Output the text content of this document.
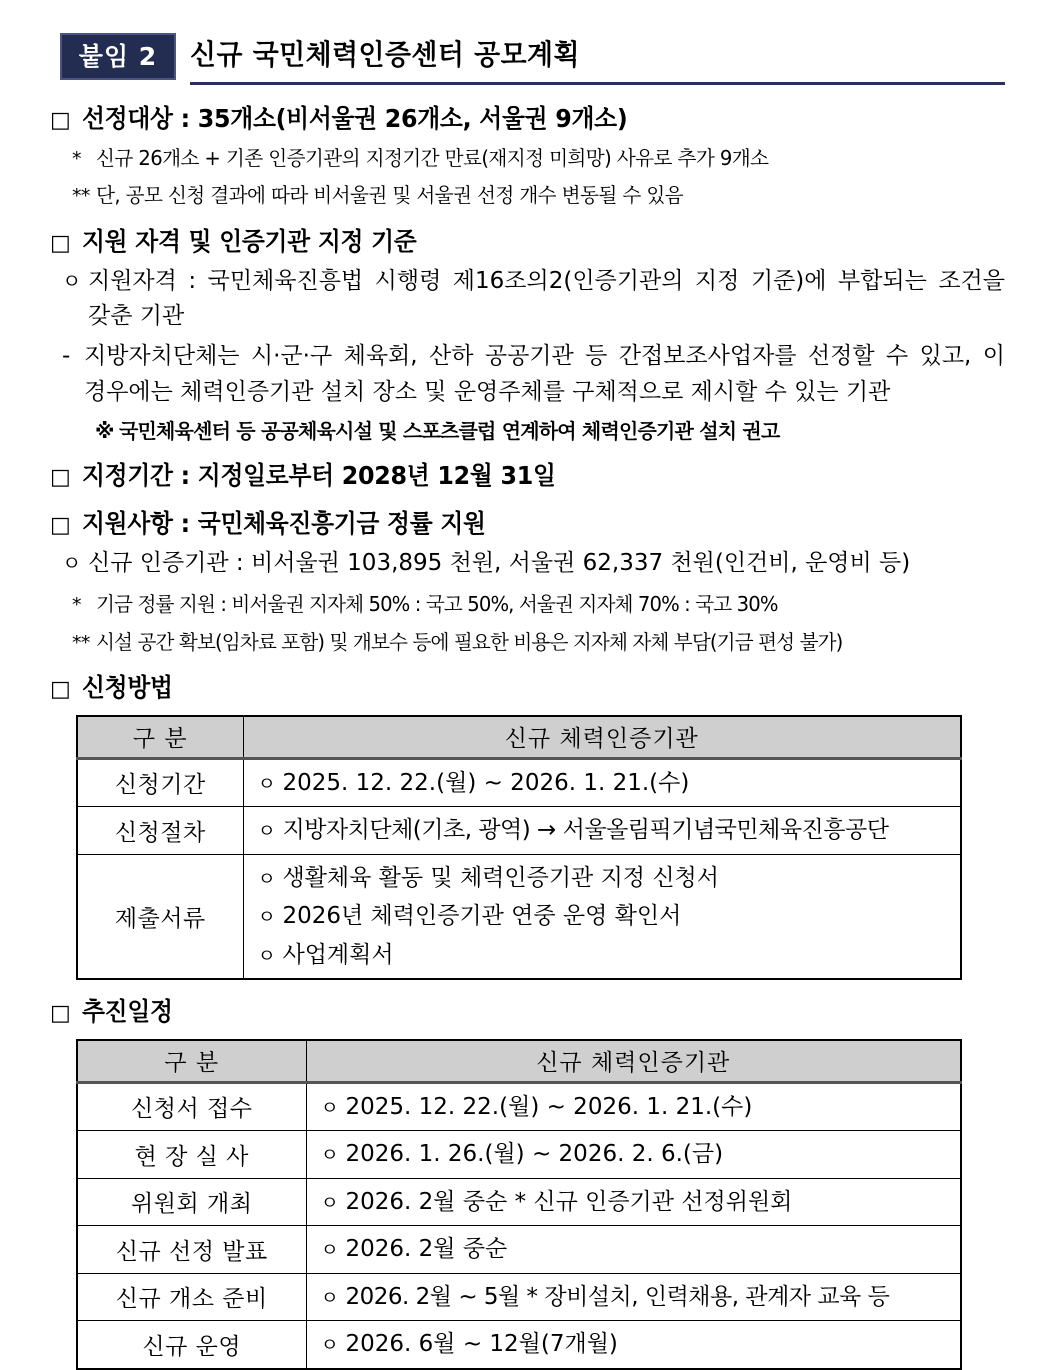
붙임 2 신규 국민체력인증센터 공모계획
□ 선정대상 : 35개소(비서울권 26개소, 서울권 9개소)
* 신규 26개소 + 기존 인증기관의 지정기간 만료(재지정 미희망) 사유로 추가 9개소
** 단, 공모 신청 결과에 따라 비서울권 및 서울권 선정 개수 변동될 수 있음
□ 지원 자격 및 인증기관 지정 기준
ㅇ 지원자격 : 국민체육진흥법 시행령 제16조의2(인증기관의 지정 기준)에 부합되는 조건을 갖춘 기관
- 지방자치단체는 시·군·구 체육회, 산하 공공기관 등 간접보조사업자를 선정할 수 있고, 이 경우에는 체력인증기관 설치 장소 및 운영주체를 구체적으로 제시할 수 있는 기관
※ 국민체육센터 등 공공체육시설 및 스포츠클럽 연계하여 체력인증기관 설치 권고
□ 지정기간 : 지정일로부터 2028년 12월 31일
□ 지원사항 : 국민체육진흥기금 정률 지원
ㅇ 신규 인증기관 : 비서울권 103,895 천원, 서울권 62,337 천원(인건비, 운영비 등)
* 기금 정률 지원 : 비서울권 지자체 50% : 국고 50%, 서울권 지자체 70% : 국고 30%
** 시설 공간 확보(임차료 포함) 및 개보수 등에 필요한 비용은 지자체 자체 부담(기금 편성 불가)
□ 신청방법
구 분	신규 체력인증기관
신청기간	ㅇ 2025. 12. 22.(월) ~ 2026. 1. 21.(수)

신청절차	ㅇ 지방자치단체(기초, 광역) → 서울올림픽기념국민체육진흥공단

제출서류	
ㅇ 생활체육 활동 및 체력인증기관 지정 신청서
ㅇ 2026년 체력인증기관 연중 운영 확인서
ㅇ 사업계획서
□ 추진일정
구 분	신규 체력인증기관
신청서 접수	ㅇ 2025. 12. 22.(월) ~ 2026. 1. 21.(수)

현 장 실 사	ㅇ 2026. 1. 26.(월) ~ 2026. 2. 6.(금)

위원회 개최	ㅇ 2026. 2월 중순 * 신규 인증기관 선정위원회

신규 선정 발표	ㅇ 2026. 2월 중순

신규 개소 준비	ㅇ 2026. 2월 ~ 5월 * 장비설치, 인력채용, 관계자 교육 등

신규 운영	ㅇ 2026. 6월 ~ 12월(7개월)
